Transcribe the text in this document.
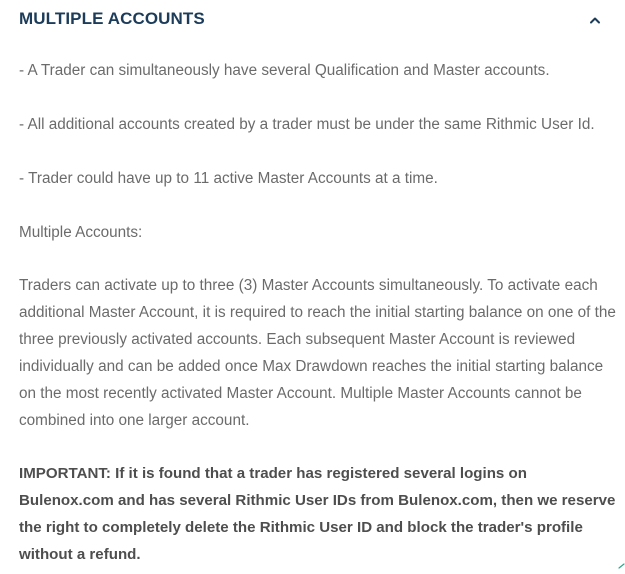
MULTIPLE ACCOUNTS

- A Trader can simultaneously have several Qualification and Master accounts.

- All additional accounts created by a trader must be under the same Rithmic User Id.

- Trader could have up to 11 active Master Accounts at a time.

Multiple Accounts:

Traders can activate up to three (3) Master Accounts simultaneously. To activate each additional Master Account, it is required to reach the initial starting balance on one of the three previously activated accounts. Each subsequent Master Account is reviewed individually and can be added once Max Drawdown reaches the initial starting balance on the most recently activated Master Account. Multiple Master Accounts cannot be combined into one larger account.

IMPORTANT: If it is found that a trader has registered several logins on Bulenox.com and has several Rithmic User IDs from Bulenox.com, then we reserve the right to completely delete the Rithmic User ID and block the trader's profile without a refund.
